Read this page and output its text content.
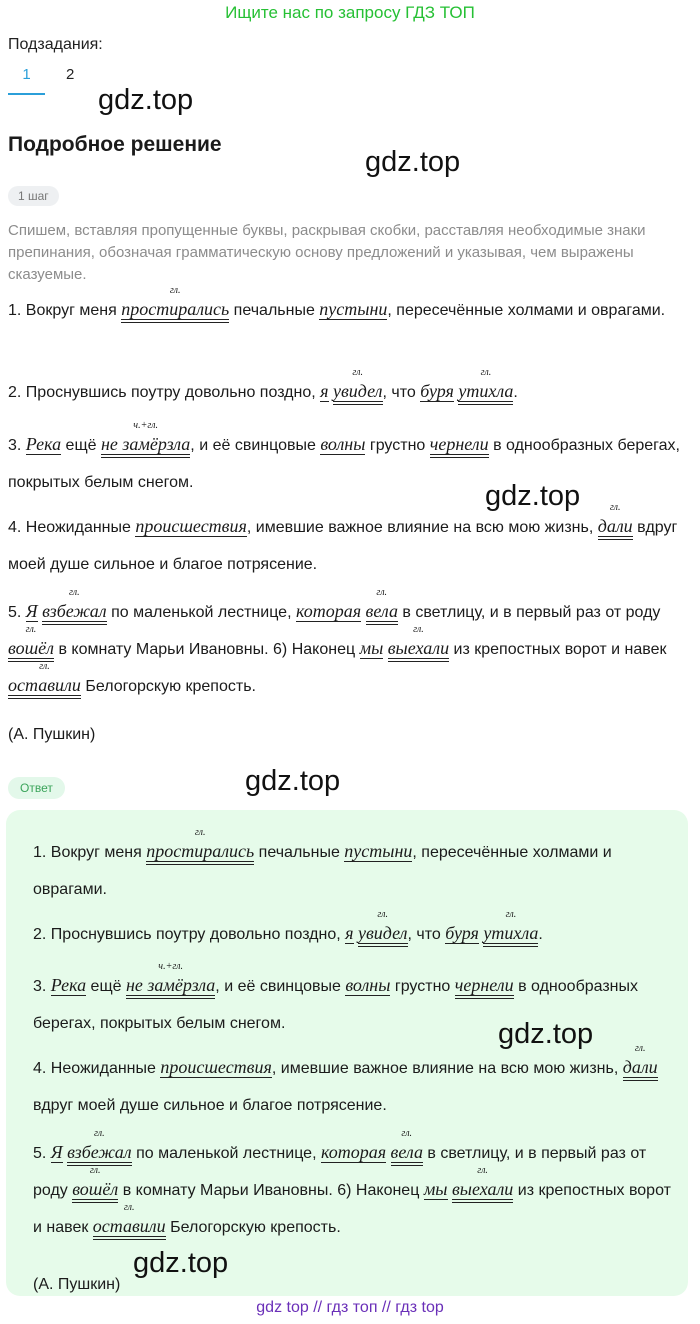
Ищите нас по запросу ГДЗ ТОП
Подзадания:
1	2
gdz.top
Подробное решение
gdz.top
1 шаг
Спишем, вставляя пропущенные буквы, раскрывая скобки, расставляя необходимые знаки препинания, обозначая грамматическую основу предложений и указывая, чем выражены сказуемые.

1. Вокруг меня
гл.
простирались печальные пустыни, пересечённые холмами и оврагами.

2. Проснувшись поутру довольно поздно, я
гл.
увидел, что буря
гл.
утихла.

3. Река ещё
ч.+гл.
не замёрзла, и её свинцовые волны грустно чернели в однообразных берегах, покрытых белым снегом.	gdz.top

4. Неожиданные происшествия, имевшие важное влияние на всю мою жизнь,
гл.
дали вдруг моей душе сильное и благое потрясение.

5. Я
гл.
взбежал по маленькой лестнице, которая
гл.
вела в светлицу, и в первый раз от роду
гл.
вошёл в комнату Марьи Ивановны. 6) Наконец мы
гл.
выехали из крепостных ворот и навек
гл.
оставили Белогорскую крепость.

(А. Пушкин)

gdz.top
Ответ

1. Вокруг меня
гл.
простирались печальные пустыни, пересечённые холмами и оврагами.

2. Проснувшись поутру довольно поздно, я
гл.
увидел, что буря
гл.
утихла.

3. Река ещё
ч.+гл.
не замёрзла, и её свинцовые волны грустно чернели в однообразных берегах, покрытых белым снегом.	gdz.top

4. Неожиданные происшествия, имевшие важное влияние на всю мою жизнь,
гл.
дали вдруг моей душе сильное и благое потрясение.

5. Я
гл.
взбежал по маленькой лестнице, которая
гл.
вела в светлицу, и в первый раз от роду
гл.
вошёл в комнату Марьи Ивановны. 6) Наконец мы
гл.
выехали из крепостных ворот и навек
гл.
оставили Белогорскую крепость.

(А. Пушкин)

gdz.top
gdz top // гдз топ // гдз top
